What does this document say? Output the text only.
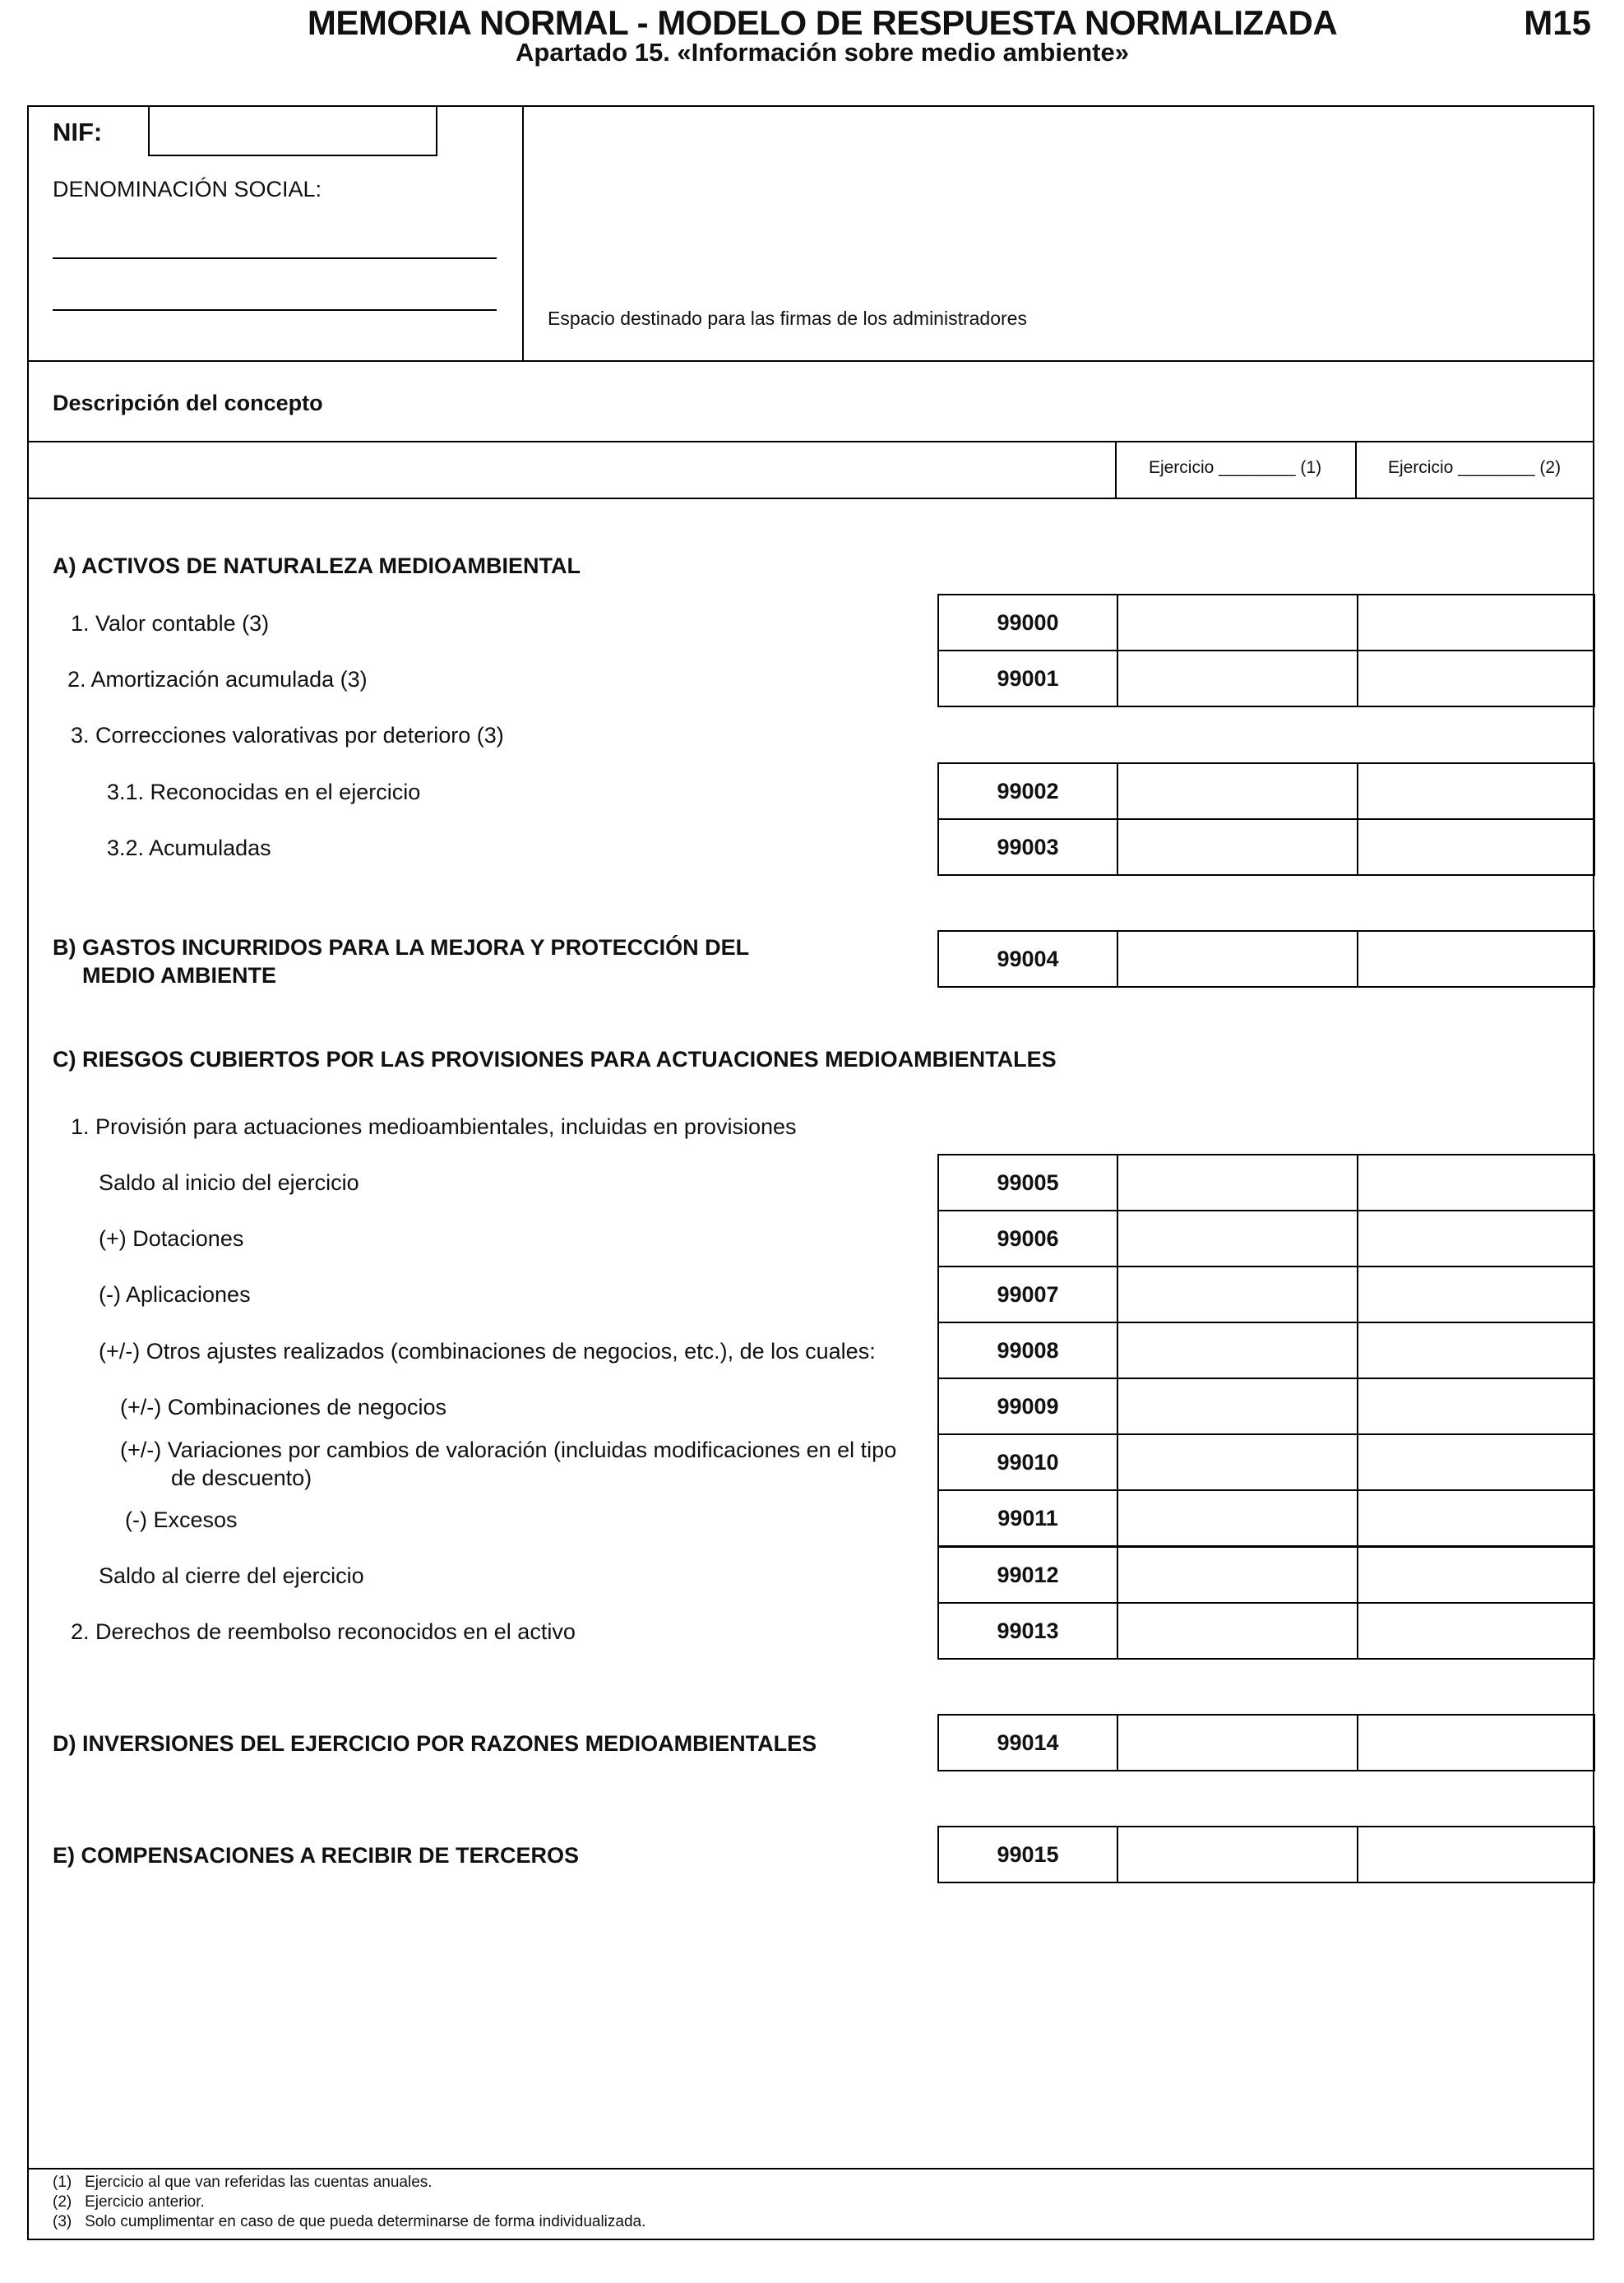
MEMORIA NORMAL - MODELO DE RESPUESTA NORMALIZADA
Apartado 15. «Información sobre medio ambiente»
M15
NIF:
DENOMINACIÓN SOCIAL:
Espacio destinado para las firmas de los administradores
Descripción del concepto
Ejercicio ________ (1)	Ejercicio ________ (2)
A) ACTIVOS DE NATURALEZA MEDIOAMBIENTAL
1. Valor contable (3)	99000
2. Amortización acumulada (3)	99001
3. Correcciones valorativas por deterioro (3)
3.1. Reconocidas en el ejercicio	99002
3.2. Acumuladas	99003
B) GASTOS INCURRIDOS PARA LA MEJORA Y PROTECCIÓN DEL
MEDIO AMBIENTE
99004
C) RIESGOS CUBIERTOS POR LAS PROVISIONES PARA ACTUACIONES MEDIOAMBIENTALES
1. Provisión para actuaciones medioambientales, incluidas en provisiones
Saldo al inicio del ejercicio	99005
(+) Dotaciones	99006
(-) Aplicaciones	99007
(+/-) Otros ajustes realizados (combinaciones de negocios, etc.), de los cuales:	99008
(+/-) Combinaciones de negocios	99009
(+/-) Variaciones por cambios de valoración (incluidas modificaciones en el tipo
de descuento)
99010
(-) Excesos	99011
Saldo al cierre del ejercicio	99012
2. Derechos de reembolso reconocidos en el activo	99013
D) INVERSIONES DEL EJERCICIO POR RAZONES MEDIOAMBIENTALES	99014
E) COMPENSACIONES A RECIBIR DE TERCEROS	99015
(1) Ejercicio al que van referidas las cuentas anuales.
(2) Ejercicio anterior.
(3) Solo cumplimentar en caso de que pueda determinarse de forma individualizada.
